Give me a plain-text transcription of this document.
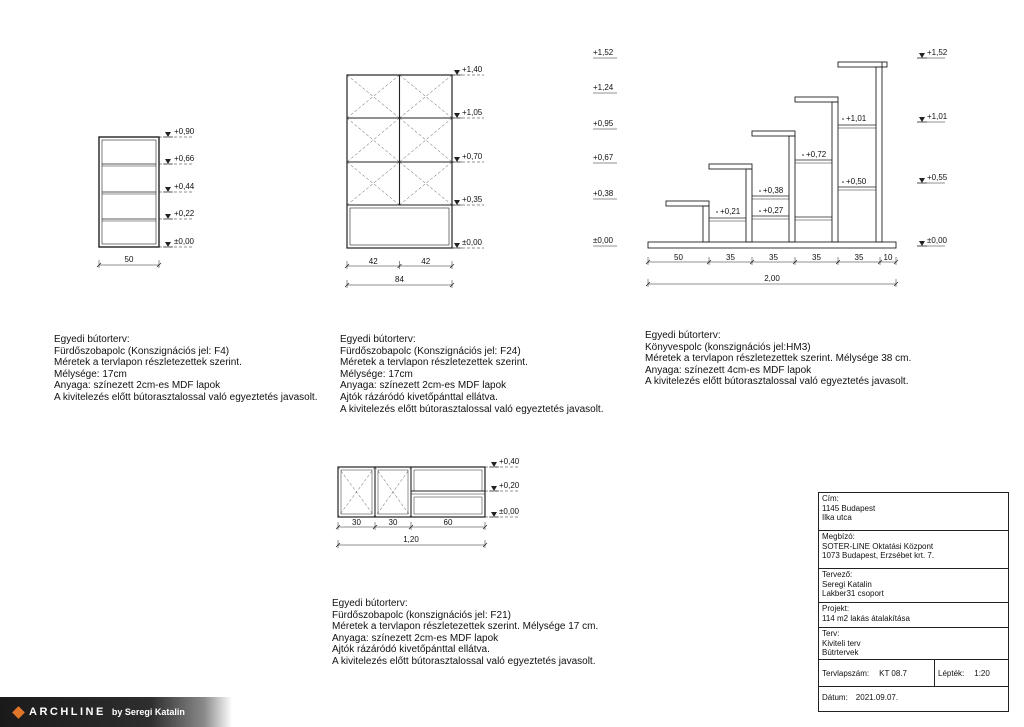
+0,90
+0,66
+0,44
+0,22
±0,00
50
+1,40
+1,05
+0,70
+0,35
±0,00
42	42
84
+1,52
+1,24
+0,95
+0,67
+0,38
±0,00
+1,52
+1,01
+0,55
±0,00
+0,21
+0,38
+0,27
+0,72
+1,01
+0,50
50	35	35	35	35	10
2,00
+0,40
+0,20
±0,00
30	30	60
1,20
Egyedi bútorterv:
Fürdőszobapolc (Konszignációs jel: F4)
Méretek a tervlapon részletezettek szerint.
Mélysége: 17cm
Anyaga: színezett 2cm-es MDF lapok
A kivitelezés előtt bútorasztalossal való egyeztetés javasolt.
Egyedi bútorterv:
Fürdőszobapolc (Konszignációs jel: F24)
Méretek a tervlapon részletezettek szerint.
Mélysége: 17cm
Anyaga: színezett 2cm-es MDF lapok
Ajtók rázáródó kivetőpánttal ellátva.
A kivitelezés előtt bútorasztalossal való egyeztetés javasolt.
Egyedi bútorterv:
Könyvespolc (konszignációs jel:HM3)
Méretek a tervlapon részletezettek szerint. Mélysége 38 cm.
Anyaga: színezett 4cm-es MDF lapok
A kivitelezés előtt bútorasztalossal való egyeztetés javasolt.
Egyedi bútorterv:
Fürdőszobapolc (konszignációs jel: F21)
Méretek a tervlapon részletezettek szerint. Mélysége 17 cm.
Anyaga: színezett 2cm-es MDF lapok
Ajtók rázáródó kivetőpánttal ellátva.
A kivitelezés előtt bútorasztalossal való egyeztetés javasolt.
Cím:
1145 Budapest
Ilka utca
Megbízó:
SOTER-LINE Oktatási Központ
1073 Budapest, Erzsébet krt. 7.
Tervező:
Seregi Katalin
Lakber31 csoport
Projekt:
114 m2 lakás átalakítása
Terv:
Kiviteli terv
Bútrtervek
Tervlapszám: KT 08.7	Lépték: 1:20
Dátum: 2021.09.07.
ARCHLINE by Seregi Katalin
